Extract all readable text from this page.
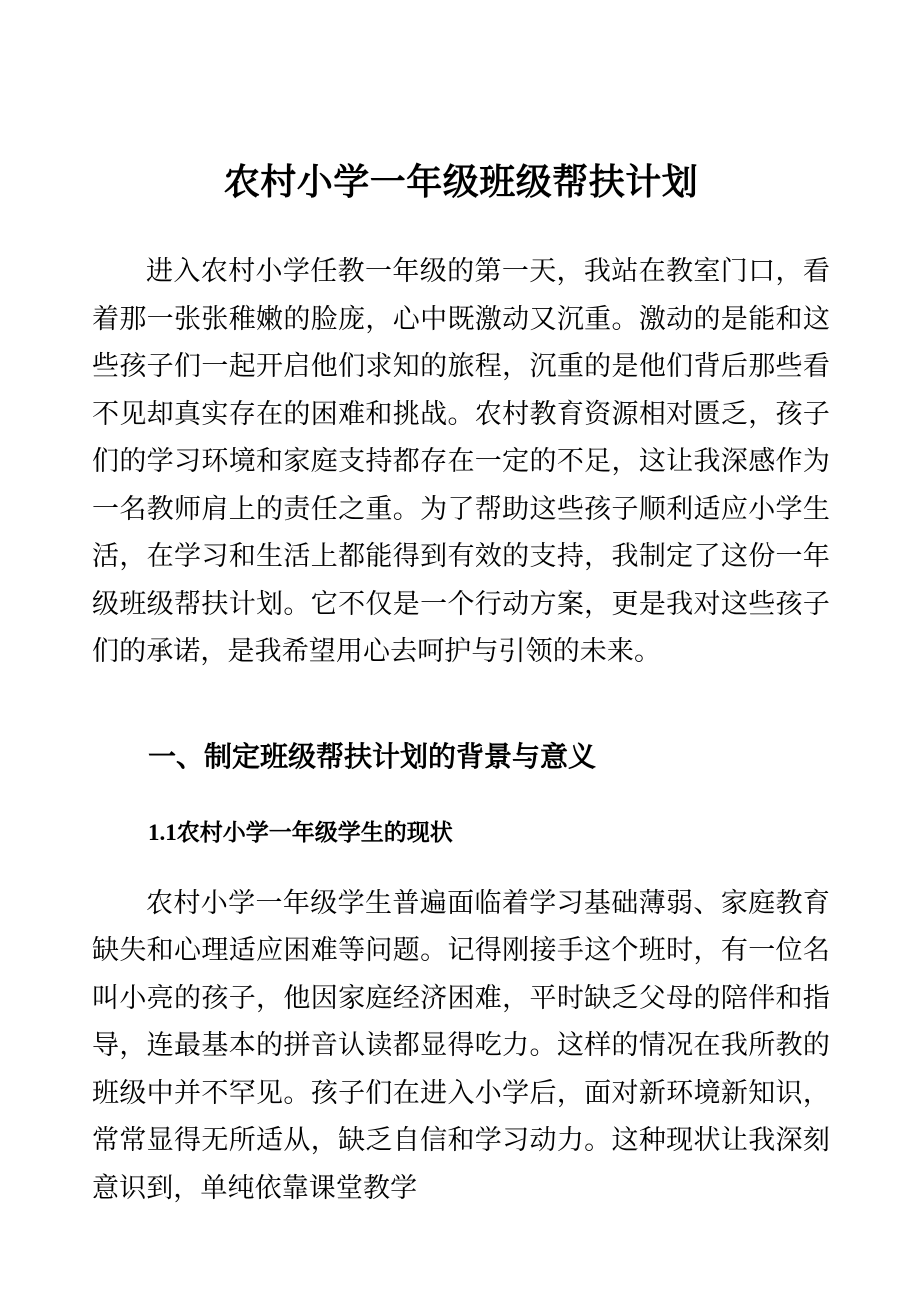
农村小学一年级班级帮扶计划

进入农村小学任教一年级的第一天，我站在教室门口，看着那一张张稚嫩的脸庞，心中既激动又沉重。激动的是能和这些孩子们一起开启他们求知的旅程，沉重的是他们背后那些看不见却真实存在的困难和挑战。农村教育资源相对匮乏，孩子们的学习环境和家庭支持都存在一定的不足，这让我深感作为一名教师肩上的责任之重。为了帮助这些孩子顺利适应小学生活，在学习和生活上都能得到有效的支持，我制定了这份一年级班级帮扶计划。它不仅是一个行动方案，更是我对这些孩子们的承诺，是我希望用心去呵护与引领的未来。

一、制定班级帮扶计划的背景与意义
1.1农村小学一年级学生的现状

农村小学一年级学生普遍面临着学习基础薄弱、家庭教育缺失和心理适应困难等问题。记得刚接手这个班时，有一位名叫小亮的孩子，他因家庭经济困难，平时缺乏父母的陪伴和指导，连最基本的拼音认读都显得吃力。这样的情况在我所教的班级中并不罕见。孩子们在进入小学后，面对新环境新知识，常常显得无所适从，缺乏自信和学习动力。这种现状让我深刻意识到，单纯依靠课堂教学
